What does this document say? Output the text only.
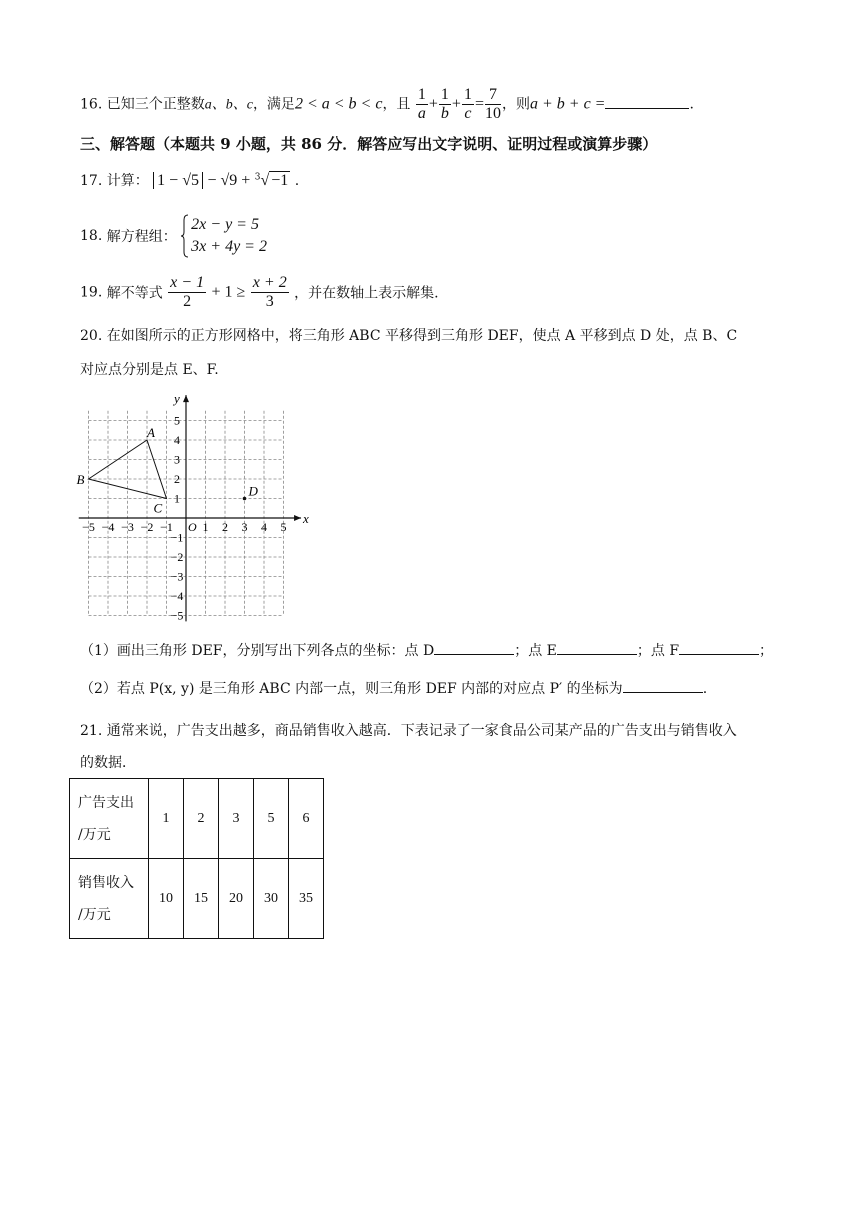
16. 已知三个正整数a、b、c，满足2 < a < b < c，且 $\frac{1}{a} + \frac{1}{b} + \frac{1}{c} = \frac{7}{10}$ ，则a + b + c =	.
三、解答题（本题共 9 小题，共 86 分．解答应写出文字说明、证明过程或演算步骤）
17. 计算： 1 − √5 − √9 + $^3$√ −1 .
18. 解方程组：
2x − y = 5
3x + 4y = 2
19. 解不等式 $\frac{x - 1}{2} + 1 \ge \frac{x + 2}{3}$ ，并在数轴上表示解集.
20. 在如图所示的正方形网格中，将三角形 ABC 平移得到三角形 DEF，使点 A 平移到点 D 处，点 B、C
对应点分别是点 E、F.
−5 −4 −3 −2 −1 1 2 3 4 5
1
2
3
4
5
−1
−2
−3
−4
−5
O
x
y
A
B
C
D
（1）画出三角形 DEF，分别写出下列各点的坐标：点 D	；点 E	；点 F	；
（2）若点 P(x, y) 是三角形 ABC 内部一点，则三角形 DEF 内部的对应点 P′ 的坐标为	.
21. 通常来说，广告支出越多，商品销售收入越高．下表记录了一家食品公司某产品的广告支出与销售收入
的数据．
广告支出
/万元	1	2	3	5	6

销售收入
/万元	10	15	20	30	35
